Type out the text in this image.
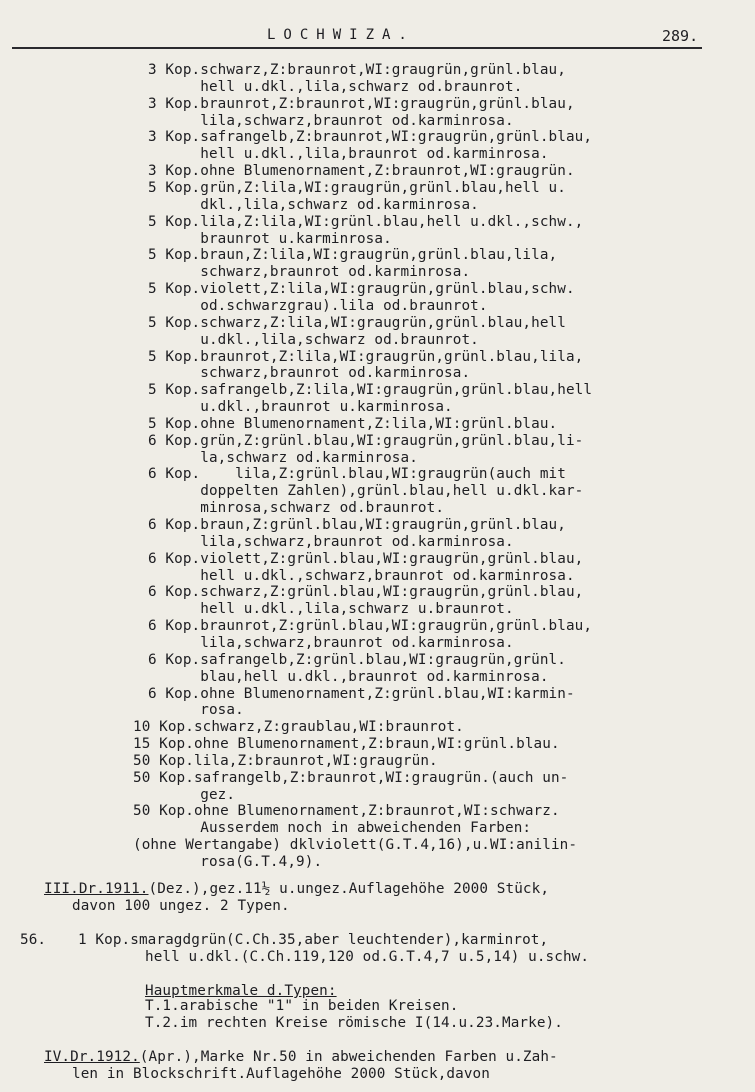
LOCHWIZA.	289.
3 Kop.schwarz,Z:braunrot,WI:graugrün,grünl.blau,
hell u.dkl.,lila,schwarz od.braunrot.
3 Kop.braunrot,Z:braunrot,WI:graugrün,grünl.blau,
lila,schwarz,braunrot od.karminrosa.
3 Kop.safrangelb,Z:braunrot,WI:graugrün,grünl.blau,
hell u.dkl.,lila,braunrot od.karminrosa.
3 Kop.ohne Blumenornament,Z:braunrot,WI:graugrün.
5 Kop.grün,Z:lila,WI:graugrün,grünl.blau,hell u.
dkl.,lila,schwarz od.karminrosa.
5 Kop.lila,Z:lila,WI:grünl.blau,hell u.dkl.,schw.,
braunrot u.karminrosa.
5 Kop.braun,Z:lila,WI:graugrün,grünl.blau,lila,
schwarz,braunrot od.karminrosa.
5 Kop.violett,Z:lila,WI:graugrün,grünl.blau,schw.
od.schwarzgrau).lila od.braunrot.
5 Kop.schwarz,Z:lila,WI:graugrün,grünl.blau,hell
u.dkl.,lila,schwarz od.braunrot.
5 Kop.braunrot,Z:lila,WI:graugrün,grünl.blau,lila,
schwarz,braunrot od.karminrosa.
5 Kop.safrangelb,Z:lila,WI:graugrün,grünl.blau,hell
u.dkl.,braunrot u.karminrosa.
5 Kop.ohne Blumenornament,Z:lila,WI:grünl.blau.
6 Kop.grün,Z:grünl.blau,WI:graugrün,grünl.blau,li-
la,schwarz od.karminrosa.
6 Kop.    lila,Z:grünl.blau,WI:graugrün(auch mit
doppelten Zahlen),grünl.blau,hell u.dkl.kar-
minrosa,schwarz od.braunrot.
6 Kop.braun,Z:grünl.blau,WI:graugrün,grünl.blau,
lila,schwarz,braunrot od.karminrosa.
6 Kop.violett,Z:grünl.blau,WI:graugrün,grünl.blau,
hell u.dkl.,schwarz,braunrot od.karminrosa.
6 Kop.schwarz,Z:grünl.blau,WI:graugrün,grünl.blau,
hell u.dkl.,lila,schwarz u.braunrot.
6 Kop.braunrot,Z:grünl.blau,WI:graugrün,grünl.blau,
lila,schwarz,braunrot od.karminrosa.
6 Kop.safrangelb,Z:grünl.blau,WI:graugrün,grünl.
blau,hell u.dkl.,braunrot od.karminrosa.
6 Kop.ohne Blumenornament,Z:grünl.blau,WI:karmin-
rosa.
10 Kop.schwarz,Z:graublau,WI:braunrot.
15 Kop.ohne Blumenornament,Z:braun,WI:grünl.blau.
50 Kop.lila,Z:braunrot,WI:graugrün.
50 Kop.safrangelb,Z:braunrot,WI:graugrün.(auch un-
gez.
50 Kop.ohne Blumenornament,Z:braunrot,WI:schwarz.
Ausserdem noch in abweichenden Farben:
(ohne Wertangabe) dklviolett(G.T.4,16),u.WI:anilin-
rosa(G.T.4,9).
III.Dr.1911.(Dez.),gez.11½ u.ungez.Auflagehöhe 2000 Stück,
davon 100 ungez. 2 Typen.
56. 1 Kop.smaragdgrün(C.Ch.35,aber leuchtender),karminrot,
hell u.dkl.(C.Ch.119,120 od.G.T.4,7 u.5,14) u.schw.
Hauptmerkmale d.Typen:
T.1.arabische "1" in beiden Kreisen.
T.2.im rechten Kreise römische I(14.u.23.Marke).
IV.Dr.1912.(Apr.),Marke Nr.50 in abweichenden Farben u.Zah-
len in Blockschrift.Auflagehöhe 2000 Stück,davon
